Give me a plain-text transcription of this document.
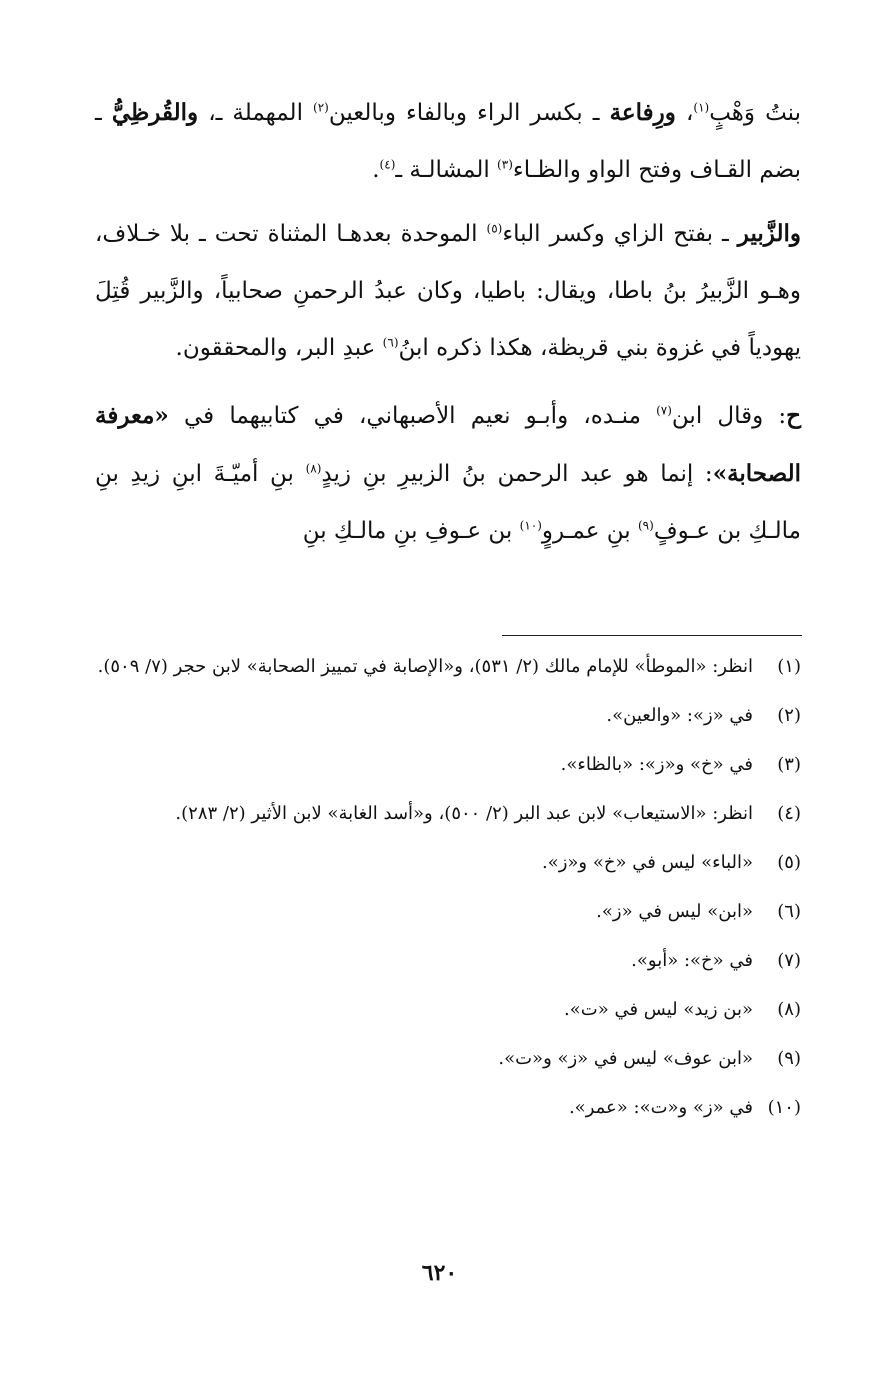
بنتُ وَهْبٍ$^{(١)}$، ورِفاعة ـ بكسر الراء وبالفاء وبالعين$^{(٢)}$ المهملة ـ، والقُرظِيُّ ـ بضم القـاف وفتح الواو والظـاء$^{(٣)}$ المشالـة ـ$^{(٤)}$.

والزَّبير ـ بفتح الزاي وكسر الباء$^{(٥)}$ الموحدة بعدهـا المثناة تحت ـ بلا خـلاف، وهـو الزَّبيرُ بنُ باطا، ويقال: باطيا، وكان عبدُ الرحمنِ صحابياً، والزَّبير قُتِلَ يهودياً في غزوة بني قريظة، هكذا ذكره ابنُ$^{(٦)}$ عبدِ البر، والمحققون.

ح: وقال ابن$^{(٧)}$ منـده، وأبـو نعيم الأصبهاني، في كتابيهما في «معرفة الصحابة»: إنما هو عبد الرحمن بنُ الزبيرِ بنِ زيدٍ$^{(٨)}$ بنِ أميّـةَ ابنِ زيدِ بنِ مالـكِ بن عـوفٍ$^{(٩)}$ بنِ عمـروٍ$^{(١٠)}$ بن عـوفِ بنِ مالـكِ بنِ

(١)
انظر: «الموطأ» للإمام مالك (٢/ ٥٣١)، و«الإصابة في تمييز الصحابة» لابن حجر (٧/ ٥٠٩).
(٢)
في «ز»: «والعين».
(٣)
في «خ» و«ز»: «بالظاء».
(٤)
انظر: «الاستيعاب» لابن عبد البر (٢/ ٥٠٠)، و«أسد الغابة» لابن الأثير (٢/ ٢٨٣).
(٥)
«الباء» ليس في «خ» و«ز».
(٦)
«ابن» ليس في «ز».
(٧)
في «خ»: «أبو».
(٨)
«بن زيد» ليس في «ت».
(٩)
«ابن عوف» ليس في «ز» و«ت».
(١٠)
في «ز» و«ت»: «عمر».
٦٢٠
